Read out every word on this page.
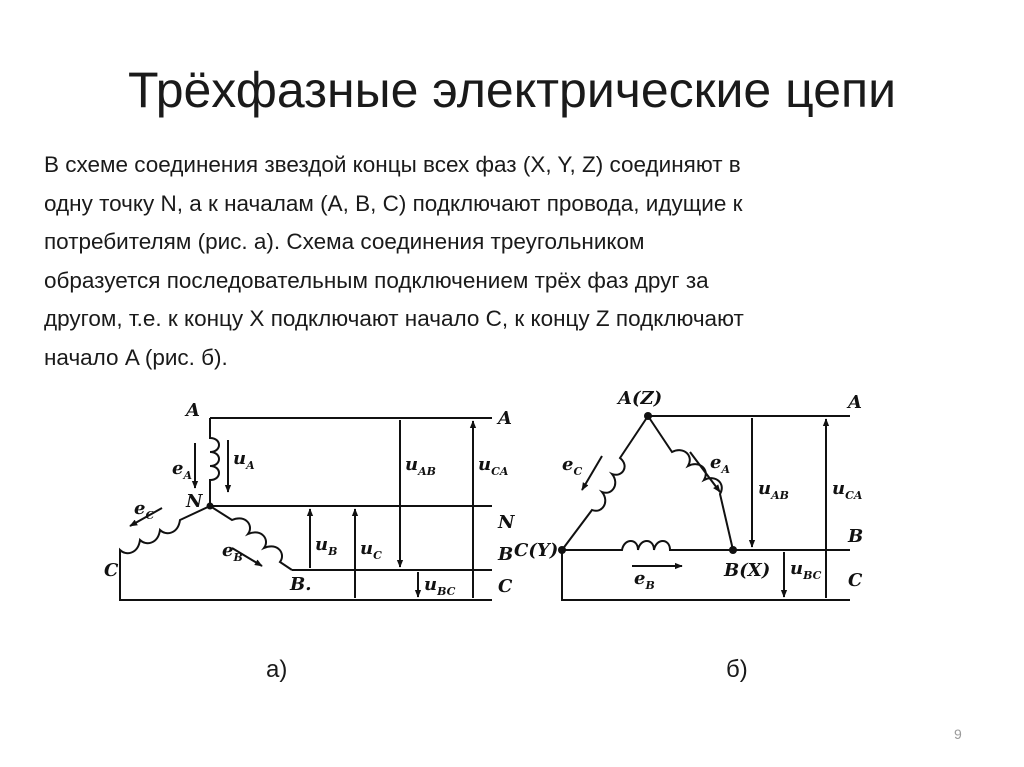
Трёхфазные электрические цепи
В схеме соединения звездой концы всех фаз (X, Y, Z) соединяют в
одну точку N, а к началам (A, B, C) подключают провода, идущие к
потребителям (рис. а). Схема соединения треугольником
образуется последовательным подключением трёх фаз друг за
другом, т.е. к концу X подключают начало C, к концу Z подключают
начало A (рис. б).
A
N
C
B.
A
N
B
C
$e_A$
$u_A$
$e_C$
$e_B$
$u_B$ $u_C$
$u_{AB}$ $u_{CA}$
$u_{BC}$
A(Z)
C(Y)
B(X)
A
B
C
$e_C$	$e_A$
$e_B$
$u_{AB}$ $u_{CA}$
$u_{BC}$
а)	б)
9
